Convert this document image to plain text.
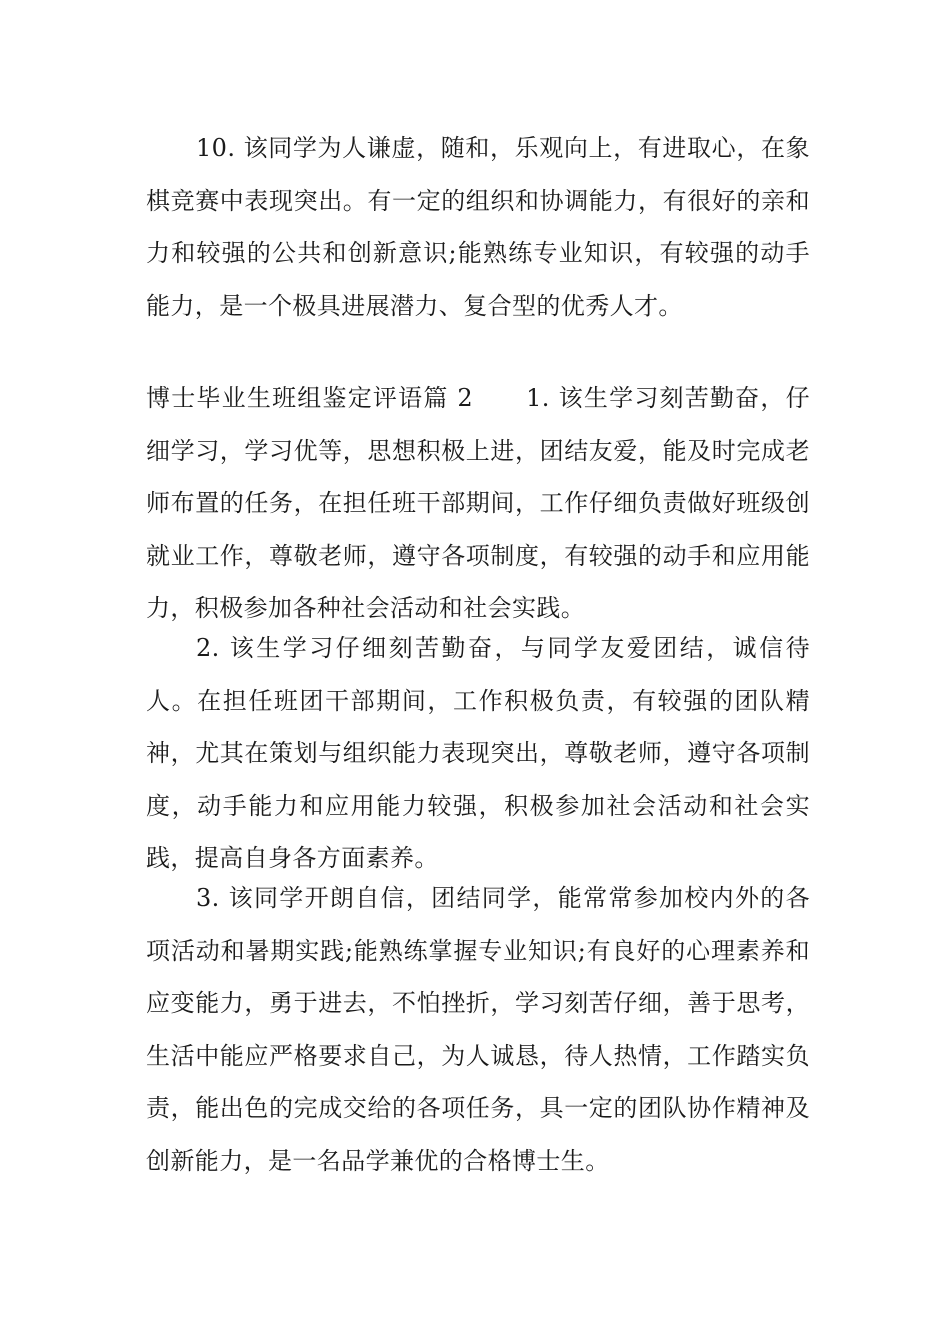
10. 该同学为人谦虚，随和，乐观向上，有进取心，在象棋竞赛中表现突出。有一定的组织和协调能力，有很好的亲和力和较强的公共和创新意识;能熟练专业知识，有较强的动手能力，是一个极具进展潜力、复合型的优秀人才。

博士毕业生班组鉴定评语篇 2 1. 该生学习刻苦勤奋，仔细学习，学习优等，思想积极上进，团结友爱，能及时完成老师布置的任务，在担任班干部期间，工作仔细负责做好班级创就业工作，尊敬老师，遵守各项制度，有较强的动手和应用能力，积极参加各种社会活动和社会实践。

2. 该生学习仔细刻苦勤奋，与同学友爱团结，诚信待人。在担任班团干部期间，工作积极负责，有较强的团队精神，尤其在策划与组织能力表现突出，尊敬老师，遵守各项制度，动手能力和应用能力较强，积极参加社会活动和社会实践，提高自身各方面素养。

3. 该同学开朗自信，团结同学，能常常参加校内外的各项活动和暑期实践;能熟练掌握专业知识;有良好的心理素养和应变能力，勇于进去，不怕挫折，学习刻苦仔细，善于思考，生活中能应严格要求自己，为人诚恳，待人热情，工作踏实负责，能出色的完成交给的各项任务，具一定的团队协作精神及创新能力，是一名品学兼优的合格博士生。
